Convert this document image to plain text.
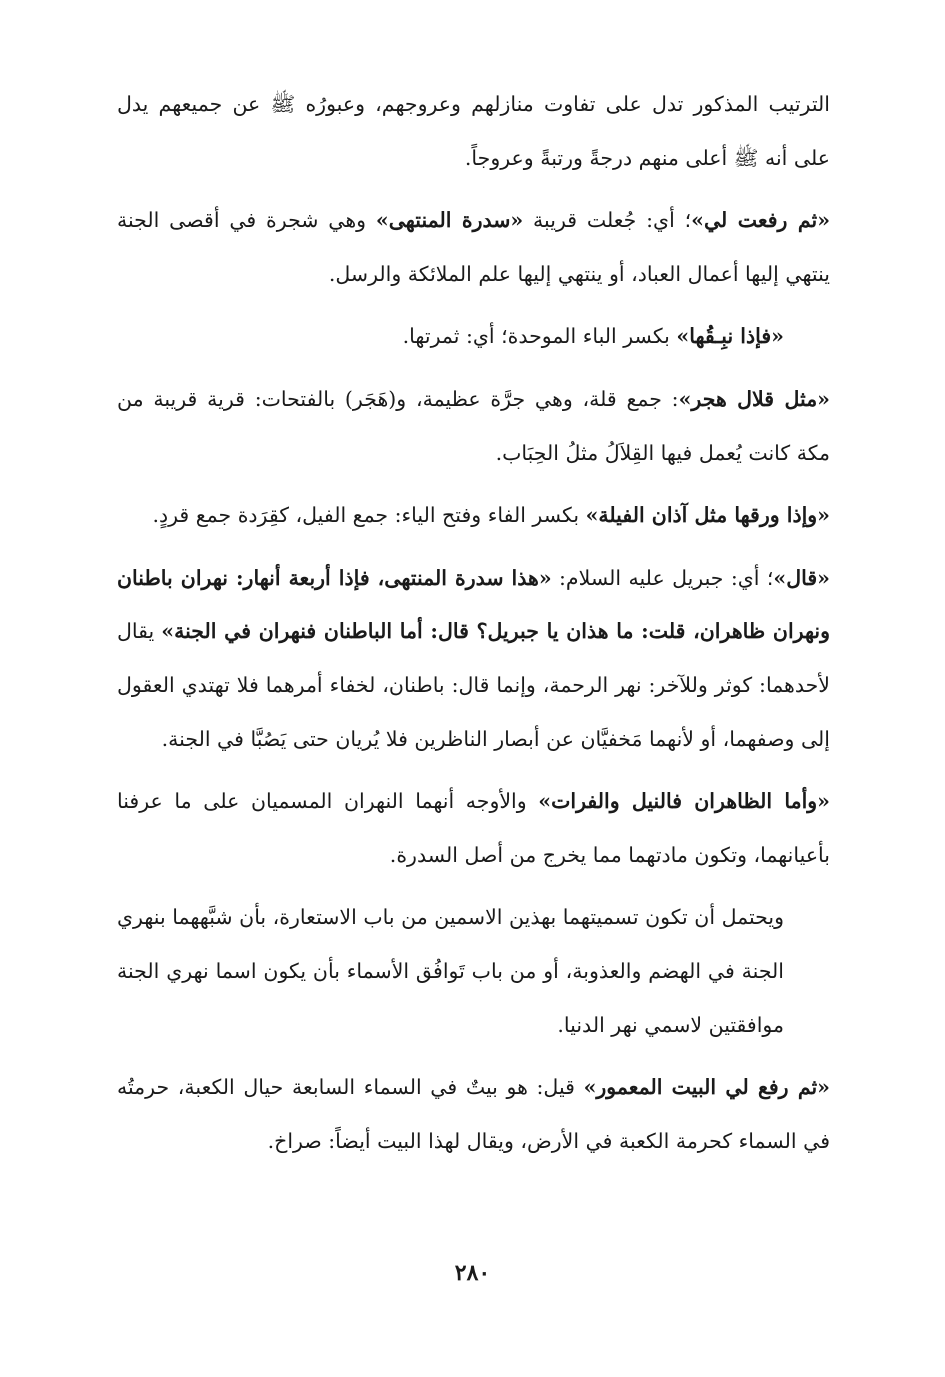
الترتيب المذكور تدل على تفاوت منازلهم وعروجهم، وعبورُه ﷺ عن جميعهم يدل على أنه ﷺ أعلى منهم درجةً ورتبةً وعروجاً.

«ثم رفعت لي»؛ أي: جُعلت قريبة «سدرة المنتهى» وهي شجرة في أقصى الجنة ينتهي إليها أعمال العباد، أو ينتهي إليها علم الملائكة والرسل.

«فإذا نبِـقُها» بكسر الباء الموحدة؛ أي: ثمرتها.

«مثل قلال هجر»: جمع قلة، وهي جرَّة عظيمة، و(هَجَر) بالفتحات: قرية قريبة من مكة كانت يُعمل فيها القِلاَلُ مثلُ الحِبَاب.

«وإذا ورقها مثل آذان الفيلة» بكسر الفاء وفتح الياء: جمع الفيل، كقِرَدة جمع قردٍ.

«قال»؛ أي: جبريل عليه السلام: «هذا سدرة المنتهى، فإذا أربعة أنهار: نهران باطنان ونهران ظاهران، قلت: ما هذان يا جبريل؟ قال: أما الباطنان فنهران في الجنة» يقال لأحدهما: كوثر وللآخر: نهر الرحمة، وإنما قال: باطنان، لخفاء أمرهما فلا تهتدي العقول إلى وصفهما، أو لأنهما مَخفيَّان عن أبصار الناظرين فلا يُريان حتى يَصُبَّا في الجنة.

«وأما الظاهران فالنيل والفرات» والأوجه أنهما النهران المسميان على ما عرفنا بأعيانهما، وتكون مادتهما مما يخرج من أصل السدرة.

ويحتمل أن تكون تسميتهما بهذين الاسمين من باب الاستعارة، بأن شبَّههما بنهري الجنة في الهضم والعذوبة، أو من باب تَوافُق الأسماء بأن يكون اسما نهري الجنة موافقتين لاسمي نهر الدنيا.

«ثم رفع لي البيت المعمور» قيل: هو بيتٌ في السماء السابعة حيال الكعبة، حرمتُه في السماء كحرمة الكعبة في الأرض، ويقال لهذا البيت أيضاً: صراخ.

٢٨٠
